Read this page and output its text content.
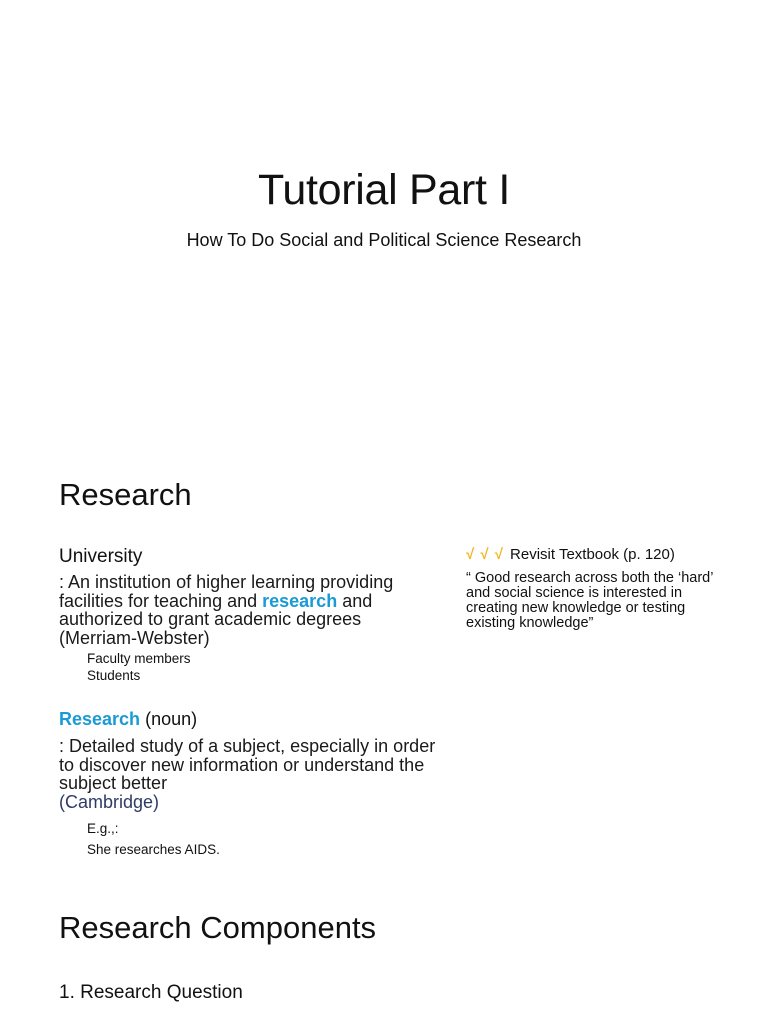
Tutorial Part I
How To Do Social and Political Science Research
Research
University
: An institution of higher learning providing facilities for teaching and research and authorized to grant academic degrees (Merriam-Webster)
Faculty members
Students
Research (noun)
: Detailed study of a subject, especially in order to discover new information or understand the subject better
(Cambridge)
E.g.,:
She researches AIDS.
√ √ √ Revisit Textbook (p. 120)
“ Good research across both the ‘hard’ and social science is interested in creating new knowledge or testing existing knowledge”
Research Components
1. Research Question
